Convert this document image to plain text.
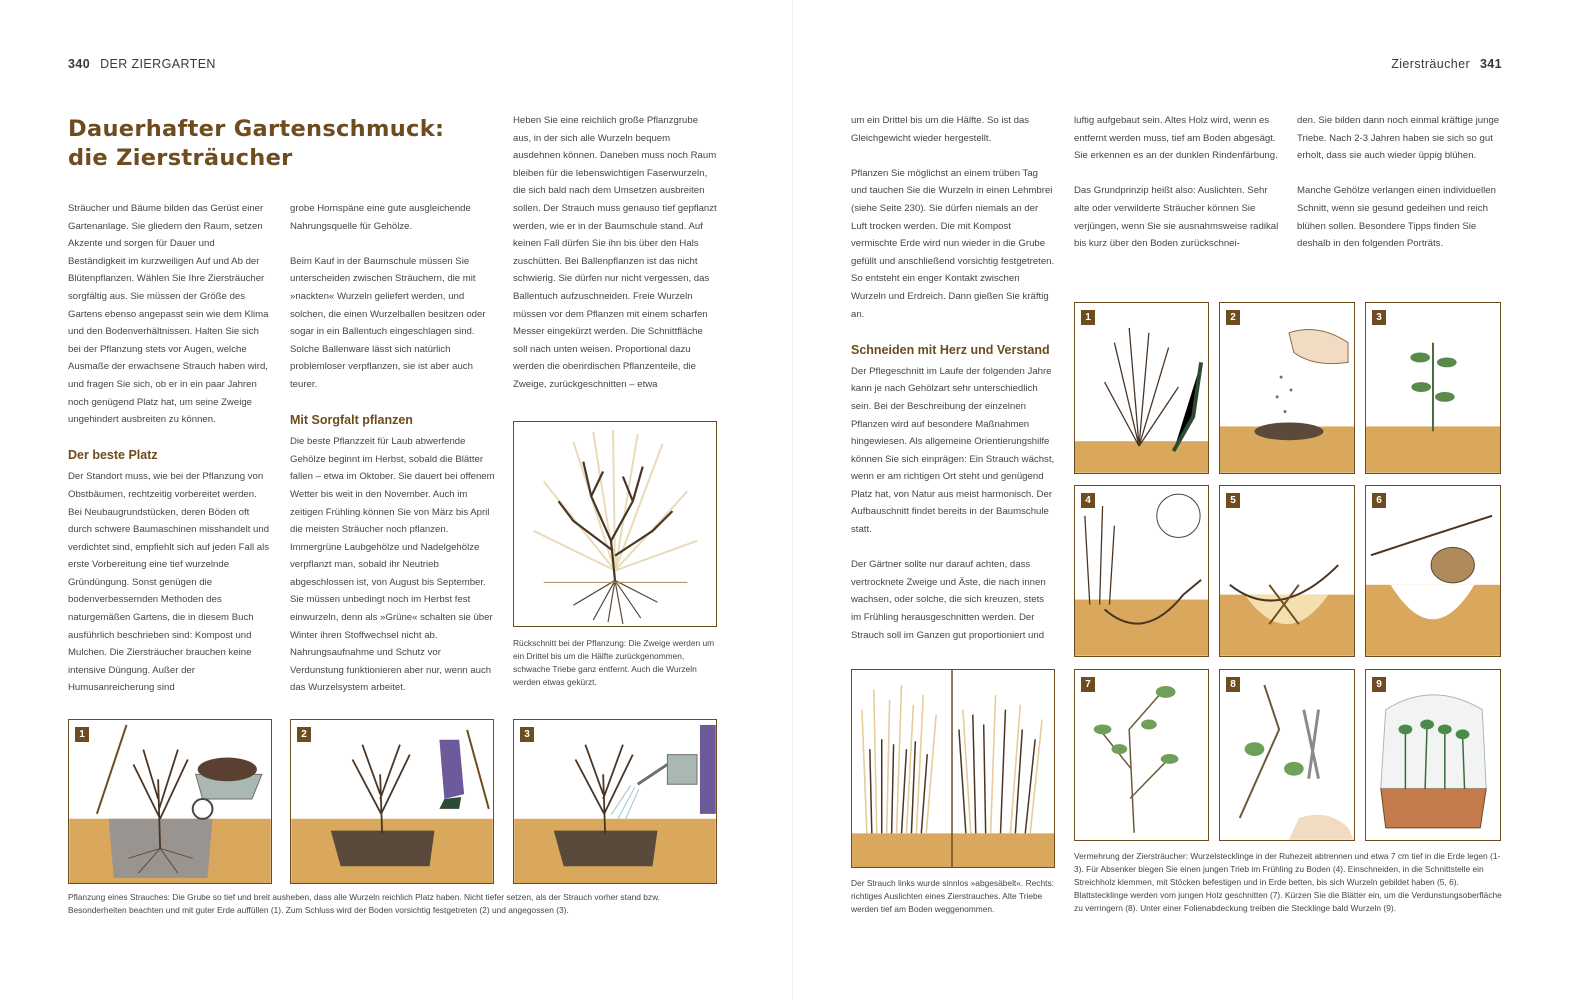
340 DER ZIERGARTEN
Dauerhafter Gartenschmuck:
die Ziersträucher

Sträucher und Bäume bilden das Gerüst einer Gartenanlage. Sie gliedern den Raum, setzen Akzente und sorgen für Dauer und Beständigkeit im kurzweiligen Auf und Ab der Blütenpflanzen. Wählen Sie Ihre Ziersträucher sorgfältig aus. Sie müssen der Größe des Gartens ebenso angepasst sein wie dem Klima und den Bodenverhältnissen. Halten Sie sich bei der Pflanzung stets vor Augen, welche Ausmaße der erwachsene Strauch haben wird, und fragen Sie sich, ob er in ein paar Jahren noch genügend Platz hat, um seine Zweige ungehindert ausbreiten zu können.

Der beste Platz

Der Standort muss, wie bei der Pflanzung von Obstbäumen, rechtzeitig vorbereitet werden. Bei Neubaugrundstücken, deren Böden oft durch schwere Baumaschinen misshandelt und verdichtet sind, empfiehlt sich auf jeden Fall als erste Vorbereitung eine tief wurzelnde Gründüngung. Sonst genügen die bodenverbessernden Methoden des naturgemäßen Gartens, die in diesem Buch ausführlich beschrieben sind: Kompost und Mulchen. Die Ziersträucher brauchen keine intensive Düngung. Außer der Humusanreicherung sind

grobe Hornspäne eine gute ausgleichende Nahrungsquelle für Gehölze.

Beim Kauf in der Baumschule müssen Sie unterscheiden zwischen Sträuchern, die mit »nackten« Wurzeln geliefert werden, und solchen, die einen Wurzelballen besitzen oder sogar in ein Ballentuch eingeschlagen sind. Solche Ballenware lässt sich natürlich problemloser verpflanzen, sie ist aber auch teurer.

Mit Sorgfalt pflanzen

Die beste Pflanzzeit für Laub abwerfende Gehölze beginnt im Herbst, sobald die Blätter fallen – etwa im Oktober. Sie dauert bei offenem Wetter bis weit in den November. Auch im zeitigen Frühling können Sie von März bis April die meisten Sträucher noch pflanzen. Immergrüne Laubgehölze und Nadelgehölze verpflanzt man, sobald ihr Neutrieb abgeschlossen ist, von August bis September. Sie müssen unbedingt noch im Herbst fest einwurzeln, denn als »Grüne« schalten sie über Winter ihren Stoffwechsel nicht ab. Nahrungsaufnahme und Schutz vor Verdunstung funktionieren aber nur, wenn auch das Wurzelsystem arbeitet.

Heben Sie eine reichlich große Pflanzgrube aus, in der sich alle Wurzeln bequem ausdehnen können. Daneben muss noch Raum bleiben für die lebenswichtigen Faserwurzeln, die sich bald nach dem Umsetzen ausbreiten sollen. Der Strauch muss genauso tief gepflanzt werden, wie er in der Baumschule stand. Auf keinen Fall dürfen Sie ihn bis über den Hals zuschütten. Bei Ballenpflanzen ist das nicht schwierig. Sie dürfen nur nicht vergessen, das Ballentuch aufzuschneiden. Freie Wurzeln müssen vor dem Pflanzen mit einem scharfen Messer eingekürzt werden. Die Schnittfläche soll nach unten weisen. Proportional dazu werden die oberirdischen Pflanzenteile, die Zweige, zurückgeschnitten – etwa

Rückschnitt bei der Pflanzung: Die Zweige werden um ein Drittel bis um die Hälfte zurückgenommen, schwache Triebe ganz entfernt. Auch die Wurzeln werden etwas gekürzt.
1	2	3
Pflanzung eines Strauches: Die Grube so tief und breit ausheben, dass alle Wurzeln reichlich Platz haben. Nicht tiefer setzen, als der Strauch vorher stand bzw. Besonderheiten beachten und mit guter Erde auffüllen (1). Zum Schluss wird der Boden vorsichtig festgetreten (2) und angegossen (3).
Ziersträucher 341

um ein Drittel bis um die Hälfte. So ist das Gleichgewicht wieder hergestellt.

Pflanzen Sie möglichst an einem trüben Tag und tauchen Sie die Wurzeln in einen Lehmbrei (siehe Seite 230). Sie dürfen niemals an der Luft trocken werden. Die mit Kompost vermischte Erde wird nun wieder in die Grube gefüllt und anschließend vorsichtig festgetreten. So entsteht ein enger Kontakt zwischen Wurzeln und Erdreich. Dann gießen Sie kräftig an.

Schneiden mit Herz und Verstand

Der Pflegeschnitt im Laufe der folgenden Jahre kann je nach Gehölzart sehr unterschiedlich sein. Bei der Beschreibung der einzelnen Pflanzen wird auf besondere Maßnahmen hingewiesen. Als allgemeine Orientierungshilfe können Sie sich einprägen: Ein Strauch wächst, wenn er am richtigen Ort steht und genügend Platz hat, von Natur aus meist harmonisch. Der Aufbauschnitt findet bereits in der Baumschule statt.

Der Gärtner sollte nur darauf achten, dass vertrocknete Zweige und Äste, die nach innen wachsen, oder solche, die sich kreuzen, stets im Frühling herausgeschnitten werden. Der Strauch soll im Ganzen gut proportioniert und

luftig aufgebaut sein. Altes Holz wird, wenn es entfernt werden muss, tief am Boden abgesägt. Sie erkennen es an der dunklen Rindenfärbung.

Das Grundprinzip heißt also: Auslichten. Sehr alte oder verwilderte Sträucher können Sie verjüngen, wenn Sie sie ausnahmsweise radikal bis kurz über den Boden zurückschnei-

den. Sie bilden dann noch einmal kräftige junge Triebe. Nach 2-3 Jahren haben sie sich so gut erholt, dass sie auch wieder üppig blühen.

Manche Gehölze verlangen einen individuellen Schnitt, wenn sie gesund gedeihen und reich blühen sollen. Besondere Tipps finden Sie deshalb in den folgenden Porträts.

Der Strauch links wurde sinnlos »abgesäbelt«. Rechts: richtiges Auslichten eines Zierstrauches. Alte Triebe werden tief am Boden weggenommen.
1	2	3
4	5	6
7	8	9
Vermehrung der Ziersträucher: Wurzelstecklinge in der Ruhezeit abtrennen und etwa 7 cm tief in die Erde legen (1-3). Für Absenker biegen Sie einen jungen Trieb im Frühling zu Boden (4). Einschneiden, in die Schnittstelle ein Streichholz klemmen, mit Stöcken befestigen und in Erde betten, bis sich Wurzeln gebildet haben (5, 6). Blattstecklinge werden vom jungen Holz geschnitten (7). Kürzen Sie die Blätter ein, um die Verdunstungsoberfläche zu verringern (8). Unter einer Folienabdeckung treiben die Stecklinge bald Wurzeln (9).
